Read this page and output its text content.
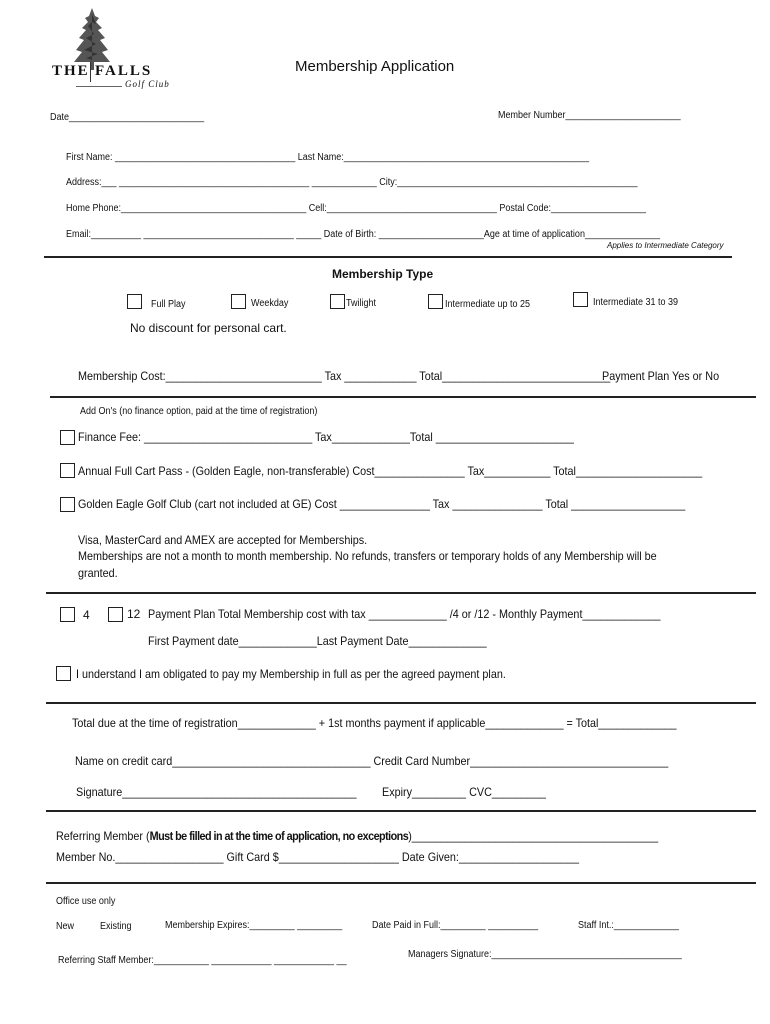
THE FALLS
Golf Club
Membership Application
Date___________________________	Member Number_______________________
First Name: ____________________________________ Last Name:_________________________________________________
Address:___ ______________________________________ _____________ City:________________________________________________
Home Phone:_____________________________________ Cell:__________________________________ Postal Code:___________________
Email:__________ ______________________________ _____ Date of Birth: _____________________Age at time of application_______________
Applies to Intermediate Category
Membership Type
Full Play	Weekday	Twilight	Intermediate up to 25	Intermediate 31 to 39
No discount for personal cart.
Membership Cost:__________________________ Tax ____________ Total____________________________
Payment Plan Yes or No
Add On's (no finance option, paid at the time of registration)
Finance Fee: ____________________________ Tax_____________Total _______________________
Annual Full Cart Pass - (Golden Eagle, non-transferable) Cost_______________ Tax___________ Total_____________________
Golden Eagle Golf Club (cart not included at GE) Cost _______________ Tax _______________ Total ___________________
Visa, MasterCard and AMEX are accepted for Memberships.
Memberships are not a month to month membership. No refunds, transfers or temporary holds of any Membership will be
granted.
4	12 Payment Plan Total Membership cost with tax _____________ /4 or /12 - Monthly Payment_____________
First Payment date_____________Last Payment Date_____________
I understand I am obligated to pay my Membership in full as per the agreed payment plan.
Total due at the time of registration_____________ + 1st months payment if applicable_____________ = Total_____________
Name on credit card_________________________________ Credit Card Number_________________________________
Signature_______________________________________ Expiry_________ CVC_________
Referring Member (Must be filled in at the time of application, no exceptions)_________________________________________
Member No.__________________ Gift Card $____________________ Date Given:____________________
Office use only
New	Existing	Membership Expires:_________ _________	Date Paid in Full:_________ __________	Staff Int.:_____________
Referring Staff Member:___________ ____________ ____________ __
Managers Signature:______________________________________
